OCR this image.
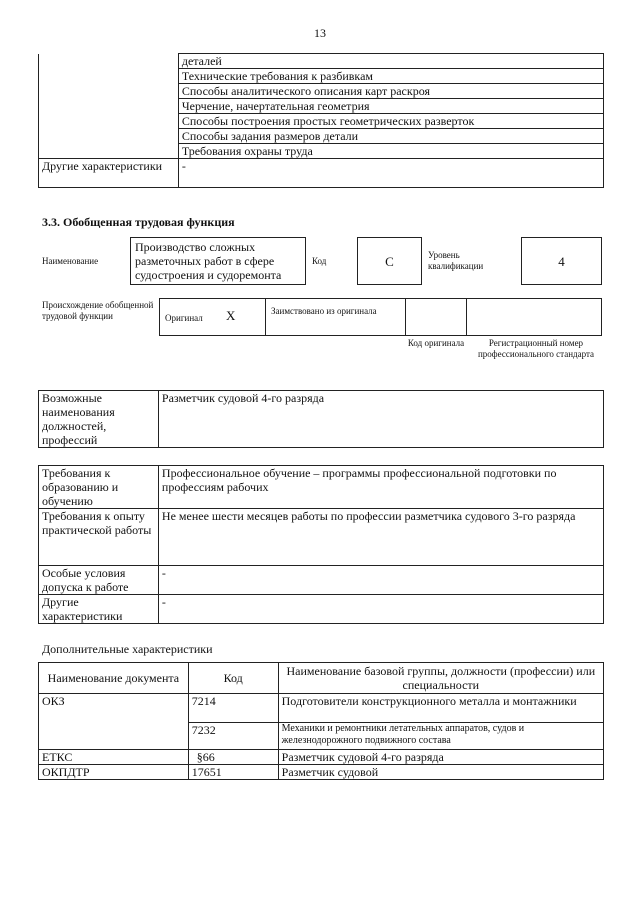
13
	деталей
	Технические требования к разбивкам
	Способы аналитического описания карт раскроя
	Черчение, начертательная геометрия
	Способы построения простых геометрических разверток
	Способы задания размеров детали
	Требования охраны труда
Другие характеристики	-
3.3. Обобщенная трудовая функция
Наименование
Производство сложных разметочных работ в сфере судостроения и судоремонта
Код	C	Уровень квалификации	4
Происхождение обобщенной трудовой функции	Оригинал X	Заимствовано из оригинала
Код оригинала	Регистрационный номер профессионального стандарта
Возможные наименования должностей, профессий	Разметчик судовой 4-го разряда
Требования к образованию и обучению	Профессиональное обучение – программы профессиональной подготовки по профессиям рабочих
Требования к опыту практической работы	Не менее шести месяцев работы по профессии разметчика судового 3-го разряда
Особые условия допуска к работе	-
Другие характеристики	-
Дополнительные характеристики
Наименование документа	Код	Наименование базовой группы, должности (профессии) или специальности
ОКЗ	7214	Подготовители конструкционного металла и монтажники
	7232	Механики и ремонтники летательных аппаратов, судов и железнодорожного подвижного состава
ЕТКС	§66	Разметчик судовой 4-го разряда
ОКПДТР	17651	Разметчик судовой
